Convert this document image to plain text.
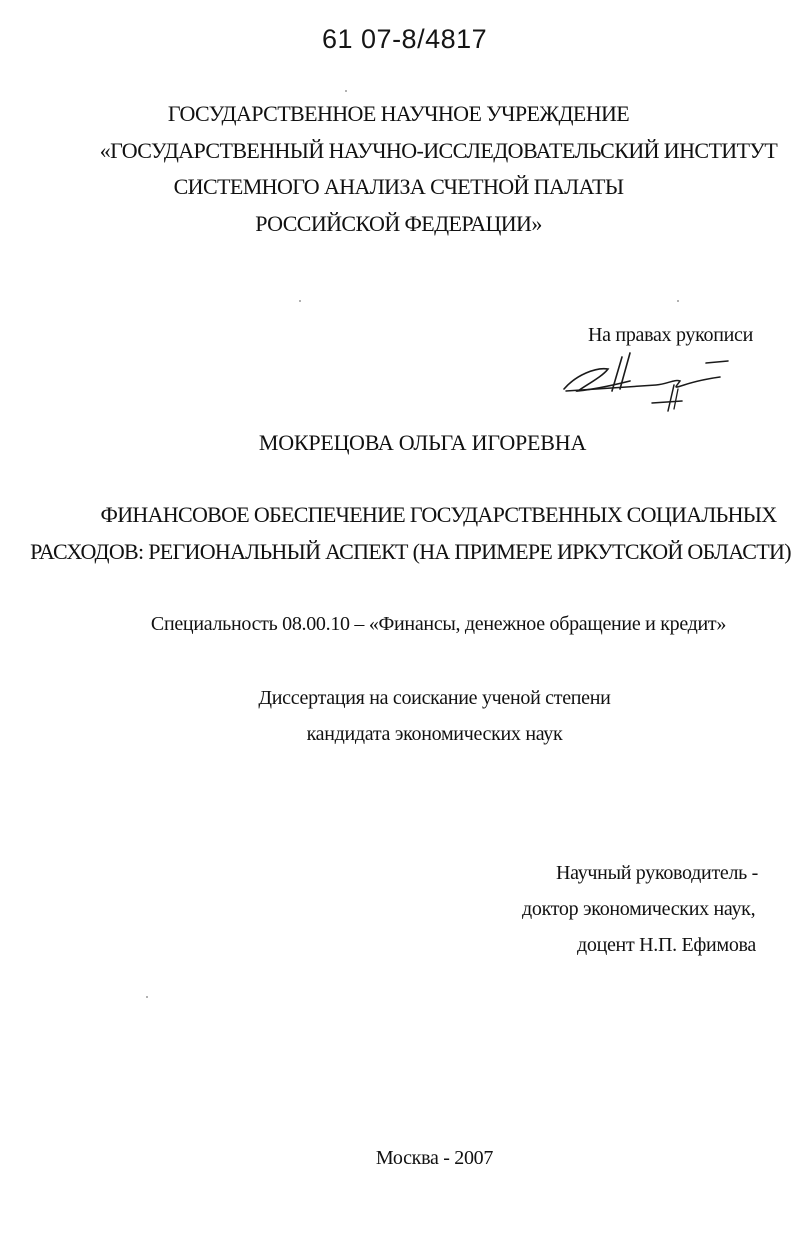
61 07-8/4817
ГОСУДАРСТВЕННОЕ НАУЧНОЕ УЧРЕЖДЕНИЕ
«ГОСУДАРСТВЕННЫЙ НАУЧНО-ИССЛЕДОВАТЕЛЬСКИЙ ИНСТИТУТ
СИСТЕМНОГО АНАЛИЗА СЧЕТНОЙ ПАЛАТЫ
РОССИЙСКОЙ ФЕДЕРАЦИИ»
На правах рукописи
МОКРЕЦОВА ОЛЬГА ИГОРЕВНА
ФИНАНСОВОЕ ОБЕСПЕЧЕНИЕ ГОСУДАРСТВЕННЫХ СОЦИАЛЬНЫХ
РАСХОДОВ: РЕГИОНАЛЬНЫЙ АСПЕКТ (НА ПРИМЕРЕ ИРКУТСКОЙ ОБЛАСТИ)
Специальность 08.00.10 – «Финансы, денежное обращение и кредит»
Диссертация на соискание ученой степени
кандидата экономических наук
Научный руководитель -
доктор экономических наук,
доцент Н.П. Ефимова
Москва - 2007
